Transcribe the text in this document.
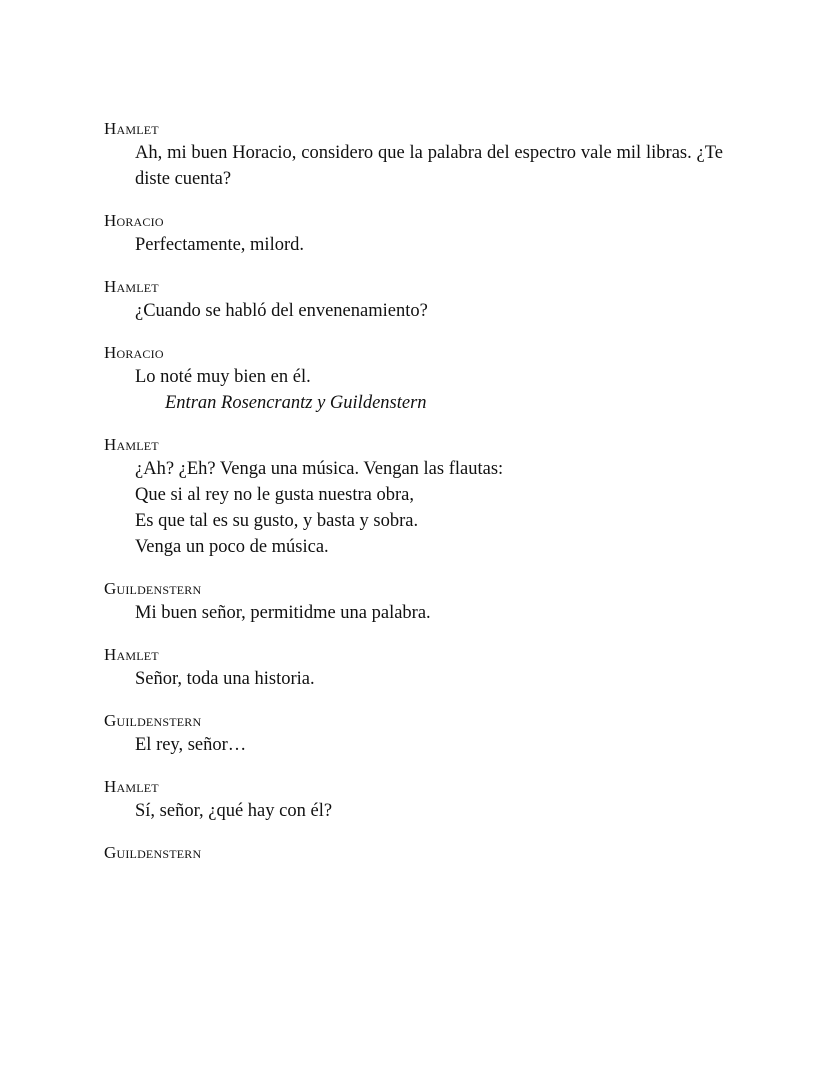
Hamlet
Ah, mi buen Horacio, considero que la palabra del espectro vale mil libras. ¿Te diste cuenta?
Horacio
Perfectamente, milord.
Hamlet
¿Cuando se habló del envenenamiento?
Horacio
Lo noté muy bien en él.
Entran Rosencrantz y Guildenstern
Hamlet
¿Ah? ¿Eh? Venga una música. Vengan las flautas:
Que si al rey no le gusta nuestra obra,
Es que tal es su gusto, y basta y sobra.
Venga un poco de música.
Guildenstern
Mi buen señor, permitidme una palabra.
Hamlet
Señor, toda una historia.
Guildenstern
El rey, señor…
Hamlet
Sí, señor, ¿qué hay con él?
Guildenstern
